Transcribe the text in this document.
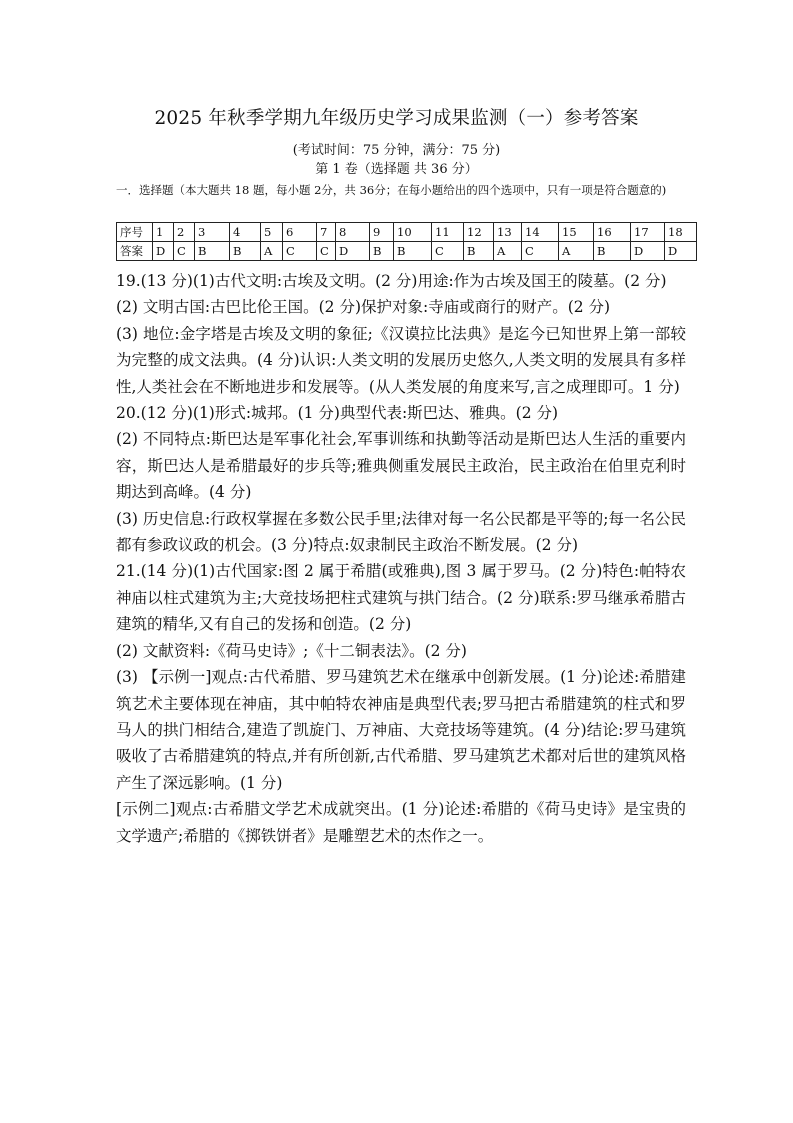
2025 年秋季学期九年级历史学习成果监测（一）参考答案
(考试时间：75 分钟，满分：75 分)
第 1 卷（选择题 共 36 分）
一．选择题（本大题共 18 题，每小题 2分，共 36分；在每小题给出的四个选项中，只有一项是符合题意的)
序号	1	2	3	4	5	6	7	8	9	10	11	12	13	14	15	16	17	18
答案	D	C	B	B	A	C	C	D	B	B	C	B	A	C	A	B	D	D

19.(13 分)(1)古代文明:古埃及文明。(2 分)用途:作为古埃及国王的陵墓。(2 分)

(2) 文明古国:古巴比伦王国。(2 分)保护对象:寺庙或商行的财产。(2 分)

(3) 地位:金字塔是古埃及文明的象征;《汉谟拉比法典》是迄今已知世界上第一部较为完整的成文法典。(4 分)认识:人类文明的发展历史悠久,人类文明的发展具有多样性,人类社会在不断地进步和发展等。(从人类发展的角度来写,言之成理即可。1 分)

20.(12 分)(1)形式:城邦。(1 分)典型代表:斯巴达、雅典。(2 分)

(2) 不同特点:斯巴达是军事化社会,军事训练和执勤等活动是斯巴达人生活的重要内容，斯巴达人是希腊最好的步兵等;雅典侧重发展民主政治，民主政治在伯里克利时期达到高峰。(4 分)

(3) 历史信息:行政权掌握在多数公民手里;法律对每一名公民都是平等的;每一名公民都有参政议政的机会。(3 分)特点:奴隶制民主政治不断发展。(2 分)

21.(14 分)(1)古代国家:图 2 属于希腊(或雅典),图 3 属于罗马。(2 分)特色:帕特农神庙以柱式建筑为主;大竞技场把柱式建筑与拱门结合。(2 分)联系:罗马继承希腊古建筑的精华,又有自己的发扬和创造。(2 分)

(2) 文献资料:《荷马史诗》;《十二铜表法》。(2 分)

(3) 【示例一]观点:古代希腊、罗马建筑艺术在继承中创新发展。(1 分)论述:希腊建筑艺术主要体现在神庙，其中帕特农神庙是典型代表;罗马把古希腊建筑的柱式和罗马人的拱门相结合,建造了凯旋门、万神庙、大竞技场等建筑。(4 分)结论:罗马建筑吸收了古希腊建筑的特点,并有所创新,古代希腊、罗马建筑艺术都对后世的建筑风格产生了深远影响。(1 分)

[示例二]观点:古希腊文学艺术成就突出。(1 分)论述:希腊的《荷马史诗》是宝贵的文学遗产;希腊的《掷铁饼者》是雕塑艺术的杰作之一。
